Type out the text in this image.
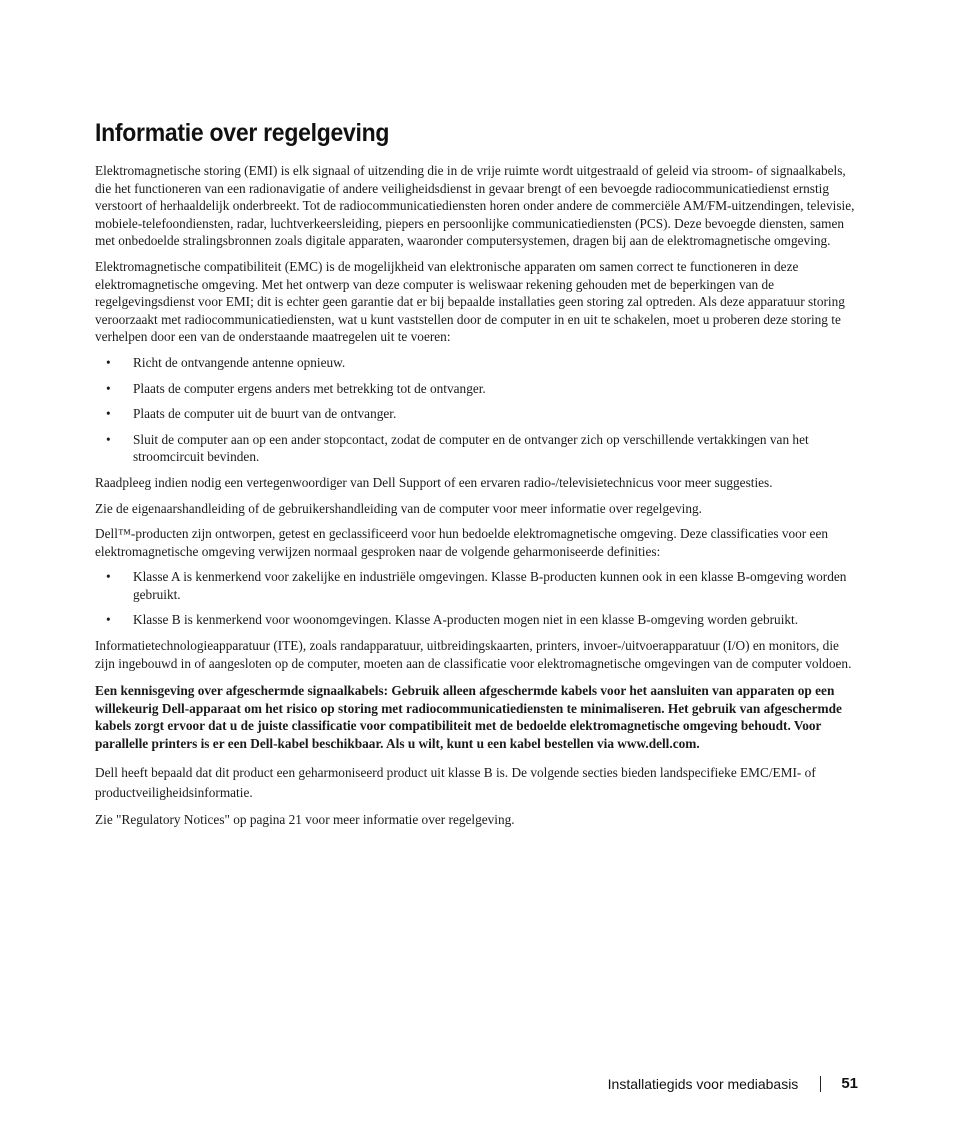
Informatie over regelgeving

Elektromagnetische storing (EMI) is elk signaal of uitzending die in de vrije ruimte wordt uitgestraald of geleid via stroom- of signaalkabels, die het functioneren van een radionavigatie of andere veiligheidsdienst in gevaar brengt of een bevoegde radiocommunicatiedienst ernstig verstoort of herhaaldelijk onderbreekt. Tot de radiocommunicatiediensten horen onder andere de commerciële AM/FM-uitzendingen, televisie, mobiele-telefoondiensten, radar, luchtverkeersleiding, piepers en persoonlijke communicatiediensten (PCS). Deze bevoegde diensten, samen met onbedoelde stralingsbronnen zoals digitale apparaten, waaronder computersystemen, dragen bij aan de elektromagnetische omgeving.

Elektromagnetische compatibiliteit (EMC) is de mogelijkheid van elektronische apparaten om samen correct te functioneren in deze elektromagnetische omgeving. Met het ontwerp van deze computer is weliswaar rekening gehouden met de beperkingen van de regelgevingsdienst voor EMI; dit is echter geen garantie dat er bij bepaalde installaties geen storing zal optreden. Als deze apparatuur storing veroorzaakt met radiocommunicatiediensten, wat u kunt vaststellen door de computer in en uit te schakelen, moet u proberen deze storing te verhelpen door een van de onderstaande maatregelen uit te voeren:

• Richt de ontvangende antenne opnieuw.
• Plaats de computer ergens anders met betrekking tot de ontvanger.
• Plaats de computer uit de buurt van de ontvanger.
• Sluit de computer aan op een ander stopcontact, zodat de computer en de ontvanger zich op verschillende vertakkingen van het stroomcircuit bevinden.

Raadpleeg indien nodig een vertegenwoordiger van Dell Support of een ervaren radio-/televisietechnicus voor meer suggesties.

Zie de eigenaarshandleiding of de gebruikershandleiding van de computer voor meer informatie over regelgeving.

Dell™-producten zijn ontworpen, getest en geclassificeerd voor hun bedoelde elektromagnetische omgeving. Deze classificaties voor een elektromagnetische omgeving verwijzen normaal gesproken naar de volgende geharmoniseerde definities:

• Klasse A is kenmerkend voor zakelijke en industriële omgevingen. Klasse B-producten kunnen ook in een klasse B-omgeving worden gebruikt.
• Klasse B is kenmerkend voor woonomgevingen. Klasse A-producten mogen niet in een klasse B-omgeving worden gebruikt.

Informatietechnologieapparatuur (ITE), zoals randapparatuur, uitbreidingskaarten, printers, invoer-/uitvoerapparatuur (I/O) en monitors, die zijn ingebouwd in of aangesloten op de computer, moeten aan de classificatie voor elektromagnetische omgevingen van de computer voldoen.

Een kennisgeving over afgeschermde signaalkabels: Gebruik alleen afgeschermde kabels voor het aansluiten van apparaten op een willekeurig Dell-apparaat om het risico op storing met radiocommunicatiediensten te minimaliseren. Het gebruik van afgeschermde kabels zorgt ervoor dat u de juiste classificatie voor compatibiliteit met de bedoelde elektromagnetische omgeving behoudt. Voor parallelle printers is er een Dell-kabel beschikbaar. Als u wilt, kunt u een kabel bestellen via www.dell.com.

Dell heeft bepaald dat dit product een geharmoniseerd product uit klasse B is. De volgende secties bieden landspecifieke EMC/EMI- of productveiligheidsinformatie.

Zie "Regulatory Notices" op pagina 21 voor meer informatie over regelgeving.

Installatiegids voor mediabasis	51
